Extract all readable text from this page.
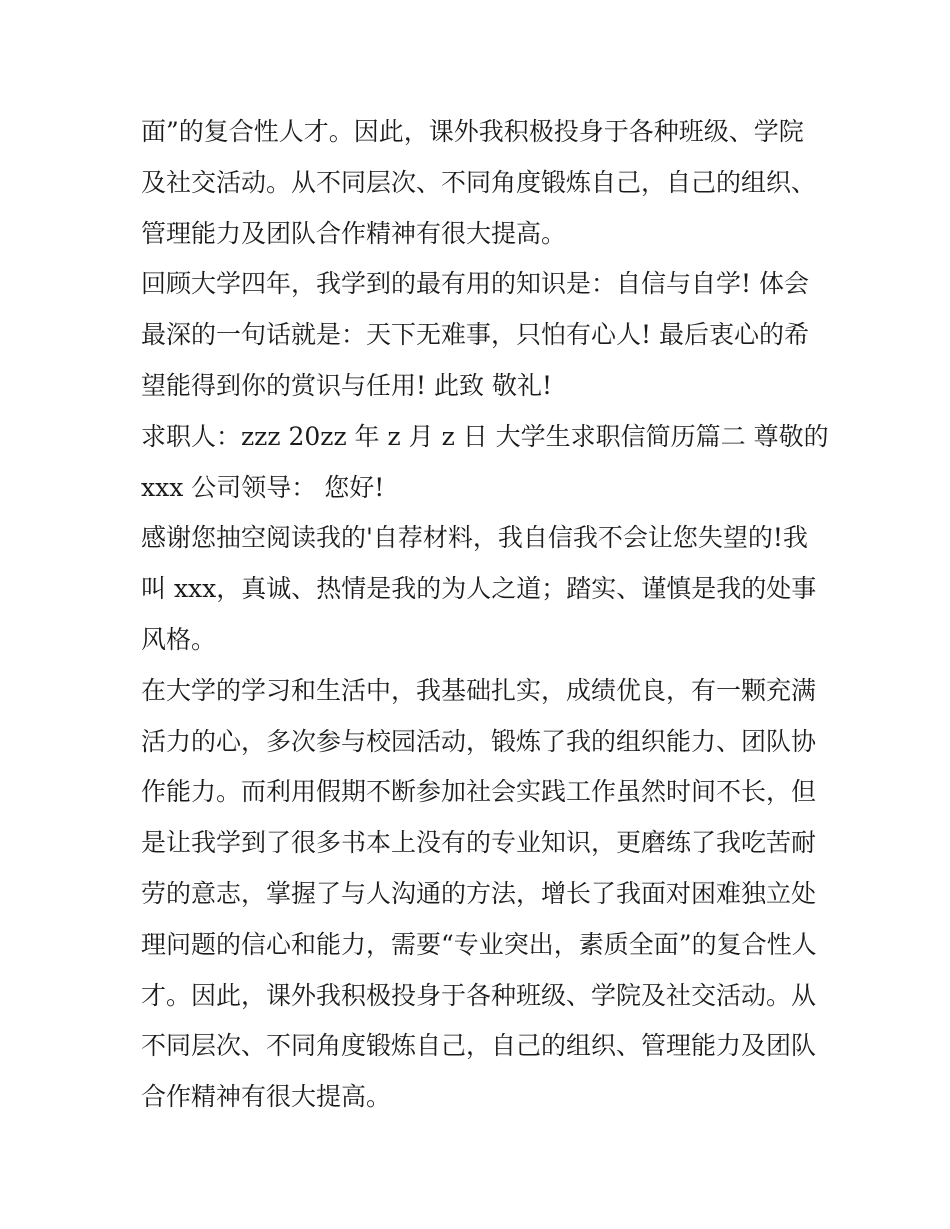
面”的复合性人才。因此，课外我积极投身于各种班级、学院
及社交活动。从不同层次、不同角度锻炼自己，自己的组织、
管理能力及团队合作精神有很大提高。
回顾大学四年，我学到的最有用的知识是：自信与自学! 体会
最深的一句话就是：天下无难事，只怕有心人! 最后衷心的希
望能得到你的赏识与任用! 此致 敬礼!
求职人：zzz 20zz 年 z 月 z 日 大学生求职信简历篇二 尊敬的
xxx 公司领导： 您好!
感谢您抽空阅读我的'自荐材料，我自信我不会让您失望的!我
叫 xxx，真诚、热情是我的为人之道；踏实、谨慎是我的处事
风格。
在大学的学习和生活中，我基础扎实，成绩优良，有一颗充满
活力的心，多次参与校园活动，锻炼了我的组织能力、团队协
作能力。而利用假期不断参加社会实践工作虽然时间不长，但
是让我学到了很多书本上没有的专业知识，更磨练了我吃苦耐
劳的意志，掌握了与人沟通的方法，增长了我面对困难独立处
理问题的信心和能力，需要“专业突出，素质全面”的复合性人
才。因此，课外我积极投身于各种班级、学院及社交活动。从
不同层次、不同角度锻炼自己，自己的组织、管理能力及团队
合作精神有很大提高。
